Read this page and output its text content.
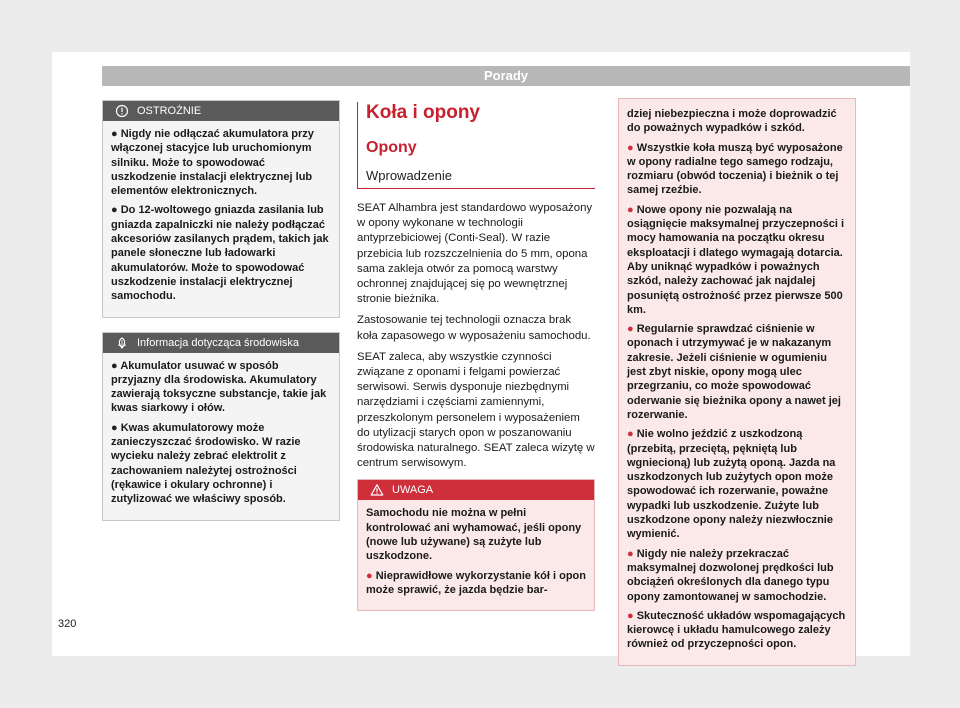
Porady
OSTROŻNIE

● Nigdy nie odłączać akumulatora przy włączonej stacyjce lub uruchomionym silniku. Może to spowodować uszkodzenie instalacji elektrycznej lub elementów elektronicznych.

● Do 12-woltowego gniazda zasilania lub gniazda zapalniczki nie należy podłączać akcesoriów zasilanych prądem, takich jak panele słoneczne lub ładowarki akumulatorów. Może to spowodować uszkodzenie instalacji elektrycznej samochodu.

Informacja dotycząca środowiska

● Akumulator usuwać w sposób przyjazny dla środowiska. Akumulatory zawierają toksyczne substancje, takie jak kwas siarkowy i ołów.

● Kwas akumulatorowy może zanieczyszczać środowisko. W razie wycieku należy zebrać elektrolit z zachowaniem należytej ostrożności (rękawice i okulary ochronne) i zutylizować we właściwy sposób.

Koła i opony
Opony
Wprowadzenie

SEAT Alhambra jest standardowo wyposażony w opony wykonane w technologii antyprzebiciowej (Conti-Seal). W razie przebicia lub rozszczelnienia do 5 mm, opona sama zakleja otwór za pomocą warstwy ochronnej znajdującej się po wewnętrznej stronie bieżnika.

Zastosowanie tej technologii oznacza brak koła zapasowego w wyposażeniu samochodu.

SEAT zaleca, aby wszystkie czynności związane z oponami i felgami powierzać serwisowi. Serwis dysponuje niezbędnymi narzędziami i częściami zamiennymi, przeszkolonym personelem i wyposażeniem do utylizacji starych opon w poszanowaniu środowiska naturalnego. SEAT zaleca wizytę w centrum serwisowym.

UWAGA

Samochodu nie można w pełni kontrolować ani wyhamować, jeśli opony (nowe lub używane) są zużyte lub uszkodzone.

● Nieprawidłowe wykorzystanie kół i opon może sprawić, że jazda będzie bar-

dziej niebezpieczna i może doprowadzić do poważnych wypadków i szkód.

● Wszystkie koła muszą być wyposażone w opony radialne tego samego rodzaju, rozmiaru (obwód toczenia) i bieżnik o tej samej rzeźbie.

● Nowe opony nie pozwalają na osiągnięcie maksymalnej przyczepności i mocy hamowania na początku okresu eksploatacji i dlatego wymagają dotarcia. Aby uniknąć wypadków i poważnych szkód, należy zachować jak najdalej posuniętą ostrożność przez pierwsze 500 km.

● Regularnie sprawdzać ciśnienie w oponach i utrzymywać je w nakazanym zakresie. Jeżeli ciśnienie w ogumieniu jest zbyt niskie, opony mogą ulec przegrzaniu, co może spowodować oderwanie się bieżnika opony a nawet jej rozerwanie.

● Nie wolno jeździć z uszkodzoną (przebitą, przeciętą, pękniętą lub wgniecioną) lub zużytą oponą. Jazda na uszkodzonych lub zużytych opon może spowodować ich rozerwanie, poważne wypadki lub uszkodzenie. Zużyte lub uszkodzone opony należy niezwłocznie wymienić.

● Nigdy nie należy przekraczać maksymalnej dozwolonej prędkości lub obciążeń określonych dla danego typu opony zamontowanej w samochodzie.

● Skuteczność układów wspomagających kierowcę i układu hamulcowego zależy również od przyczepności opon.

320
